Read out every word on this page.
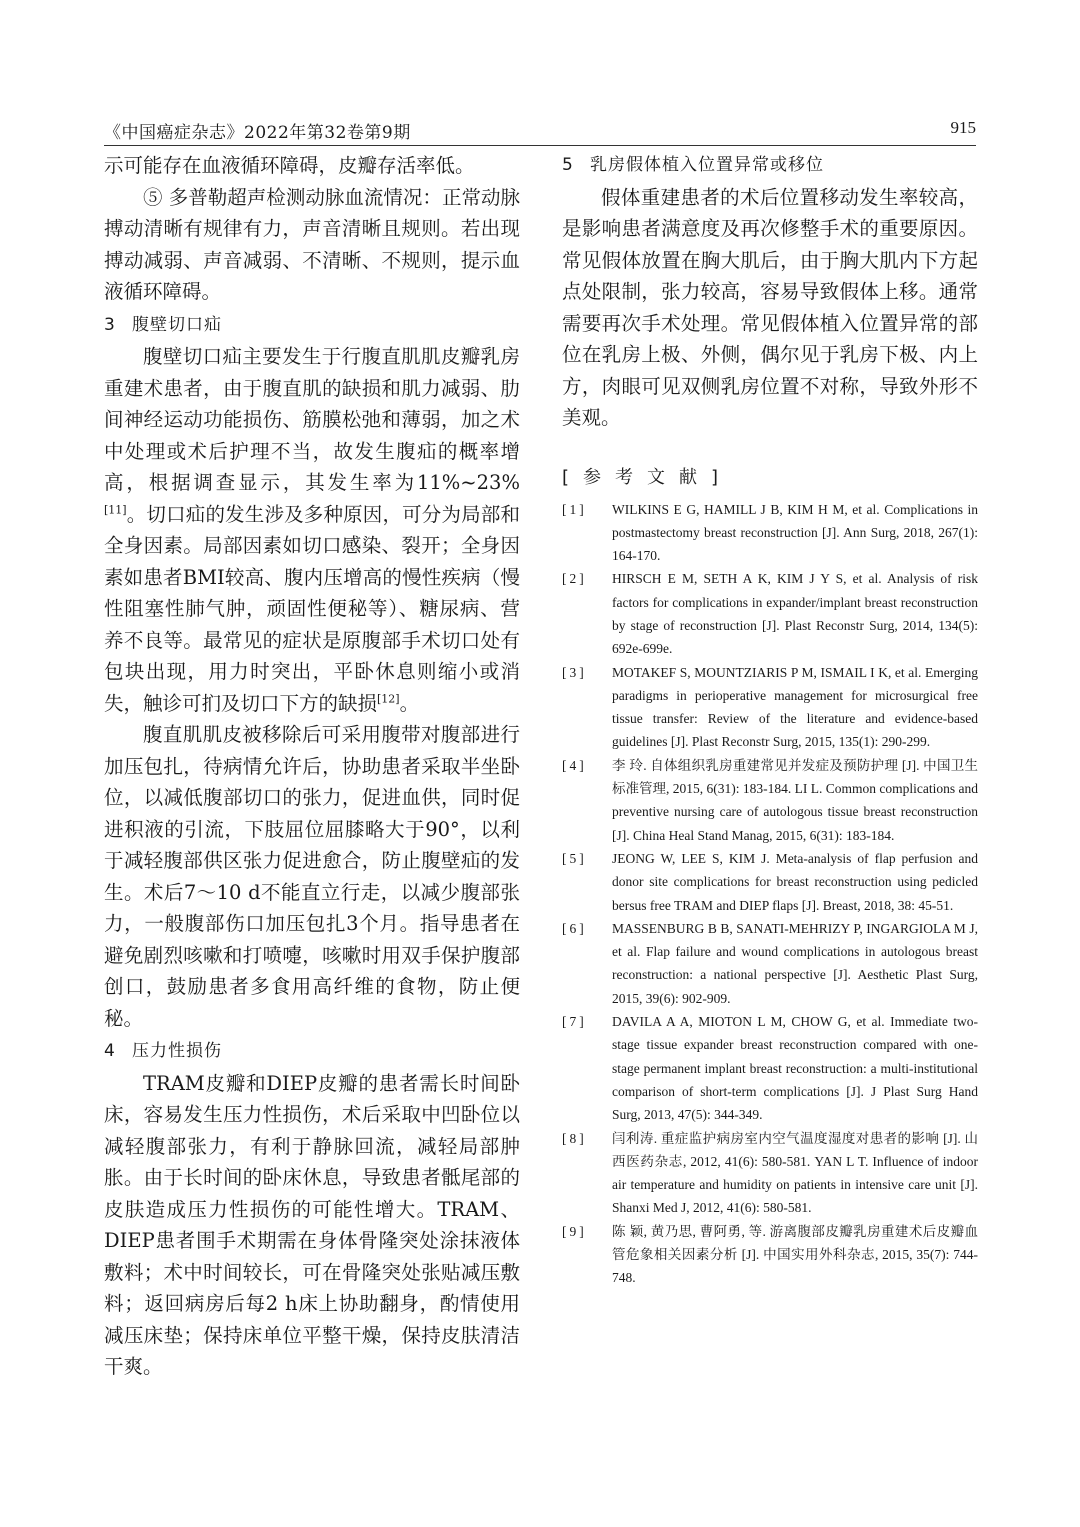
《中国癌症杂志》2022年第32卷第9期	915

示可能存在血液循环障碍，皮瓣存活率低。

⑤ 多普勒超声检测动脉血流情况：正常动脉搏动清晰有规律有力，声音清晰且规则。若出现搏动减弱、声音减弱、不清晰、不规则，提示血液循环障碍。

3 腹壁切口疝

腹壁切口疝主要发生于行腹直肌肌皮瓣乳房重建术患者，由于腹直肌的缺损和肌力减弱、肋间神经运动功能损伤、筋膜松弛和薄弱，加之术中处理或术后护理不当，故发生腹疝的概率增高，根据调查显示，其发生率为11%~23%[11]。切口疝的发生涉及多种原因，可分为局部和全身因素。局部因素如切口感染、裂开；全身因素如患者BMI较高、腹内压增高的慢性疾病（慢性阻塞性肺气肿，顽固性便秘等）、糖尿病、营养不良等。最常见的症状是原腹部手术切口处有包块出现，用力时突出，平卧休息则缩小或消失，触诊可扪及切口下方的缺损[12]。

腹直肌肌皮被移除后可采用腹带对腹部进行加压包扎，待病情允许后，协助患者采取半坐卧位，以减低腹部切口的张力，促进血供，同时促进积液的引流，下肢屈位屈膝略大于90°，以利于减轻腹部供区张力促进愈合，防止腹壁疝的发生。术后7～10 d不能直立行走，以减少腹部张力，一般腹部伤口加压包扎3个月。指导患者在避免剧烈咳嗽和打喷嚏，咳嗽时用双手保护腹部创口，鼓励患者多食用高纤维的食物，防止便秘。

4 压力性损伤

TRAM皮瓣和DIEP皮瓣的患者需长时间卧床，容易发生压力性损伤，术后采取中凹卧位以减轻腹部张力，有利于静脉回流，减轻局部肿胀。由于长时间的卧床休息，导致患者骶尾部的皮肤造成压力性损伤的可能性增大。TRAM、DIEP患者围手术期需在身体骨隆突处涂抹液体敷料；术中时间较长，可在骨隆突处张贴减压敷料；返回病房后每2 h床上协助翻身，酌情使用减压床垫；保持床单位平整干燥，保持皮肤清洁干爽。

5 乳房假体植入位置异常或移位

假体重建患者的术后位置移动发生率较高，是影响患者满意度及再次修整手术的重要原因。常见假体放置在胸大肌后，由于胸大肌内下方起点处限制，张力较高，容易导致假体上移。通常需要再次手术处理。常见假体植入位置异常的部位在乳房上极、外侧，偶尔见于乳房下极、内上方，肉眼可见双侧乳房位置不对称，导致外形不美观。

[参考文献]

[1] WILKINS E G, HAMILL J B, KIM H M, et al. Complications in postmastectomy breast reconstruction [J]. Ann Surg, 2018, 267(1): 164-170.
[2] HIRSCH E M, SETH A K, KIM J Y S, et al. Analysis of risk factors for complications in expander/implant breast reconstruction by stage of reconstruction [J]. Plast Reconstr Surg, 2014, 134(5): 692e-699e.
[3] MOTAKEF S, MOUNTZIARIS P M, ISMAIL I K, et al. Emerging paradigms in perioperative management for microsurgical free tissue transfer: Review of the literature and evidence-based guidelines [J]. Plast Reconstr Surg, 2015, 135(1): 290-299.
[4] 李 玲. 自体组织乳房重建常见并发症及预防护理 [J]. 中国卫生标准管理, 2015, 6(31): 183-184. LI L. Common complications and preventive nursing care of autologous tissue breast reconstruction [J]. China Heal Stand Manag, 2015, 6(31): 183-184.
[5] JEONG W, LEE S, KIM J. Meta-analysis of flap perfusion and donor site complications for breast reconstruction using pedicled bersus free TRAM and DIEP flaps [J]. Breast, 2018, 38: 45-51.
[6] MASSENBURG B B, SANATI-MEHRIZY P, INGARGIOLA M J, et al. Flap failure and wound complications in autologous breast reconstruction: a national perspective [J]. Aesthetic Plast Surg, 2015, 39(6): 902-909.
[7] DAVILA A A, MIOTON L M, CHOW G, et al. Immediate two-stage tissue expander breast reconstruction compared with one-stage permanent implant breast reconstruction: a multi-institutional comparison of short-term complications [J]. J Plast Surg Hand Surg, 2013, 47(5): 344-349.
[8] 闫利涛. 重症监护病房室内空气温度湿度对患者的影响 [J]. 山西医药杂志, 2012, 41(6): 580-581. YAN L T. Influence of indoor air temperature and humidity on patients in intensive care unit [J]. Shanxi Med J, 2012, 41(6): 580-581.
[9] 陈 颖, 黄乃思, 曹阿勇, 等. 游离腹部皮瓣乳房重建术后皮瓣血管危象相关因素分析 [J]. 中国实用外科杂志, 2015, 35(7): 744-748.
